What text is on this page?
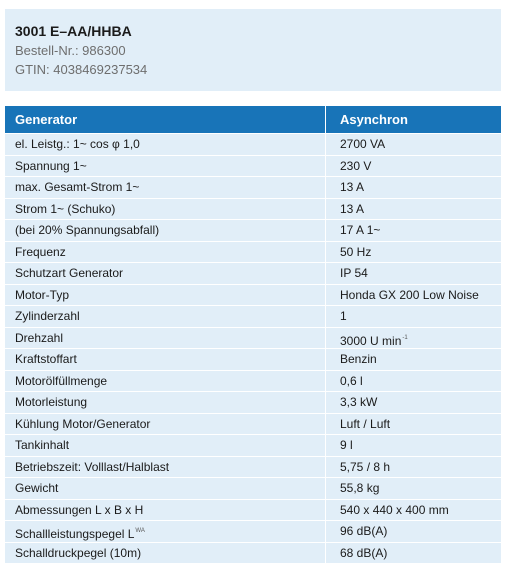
3001 E–AA/HHBA
Bestell-Nr.: 986300
GTIN: 4038469237534
Generator	Asynchron
el. Leistg.: 1~ cos φ 1,0	2700 VA
Spannung 1~	230 V
max. Gesamt-Strom 1~	13 A
Strom 1~ (Schuko)	13 A
(bei 20% Spannungsabfall)	17 A 1~
Frequenz	50 Hz
Schutzart Generator	IP 54
Motor-Typ	Honda GX 200 Low Noise
Zylinderzahl	1
Drehzahl	3000 U $\min^{-1}$
Kraftstoffart	Benzin
Motorölfüllmenge	0,6 l
Motorleistung	3,3 kW
Kühlung Motor/Generator	Luft / Luft
Tankinhalt	9 l
Betriebszeit: Volllast/Halblast	5,75 / 8 h
Gewicht	55,8 kg
Abmessungen L x B x H	540 x 440 x 400 mm
Schallleistungspegel $L^{WA}$	96 dB(A)
Schalldruckpegel (10m)	68 dB(A)
